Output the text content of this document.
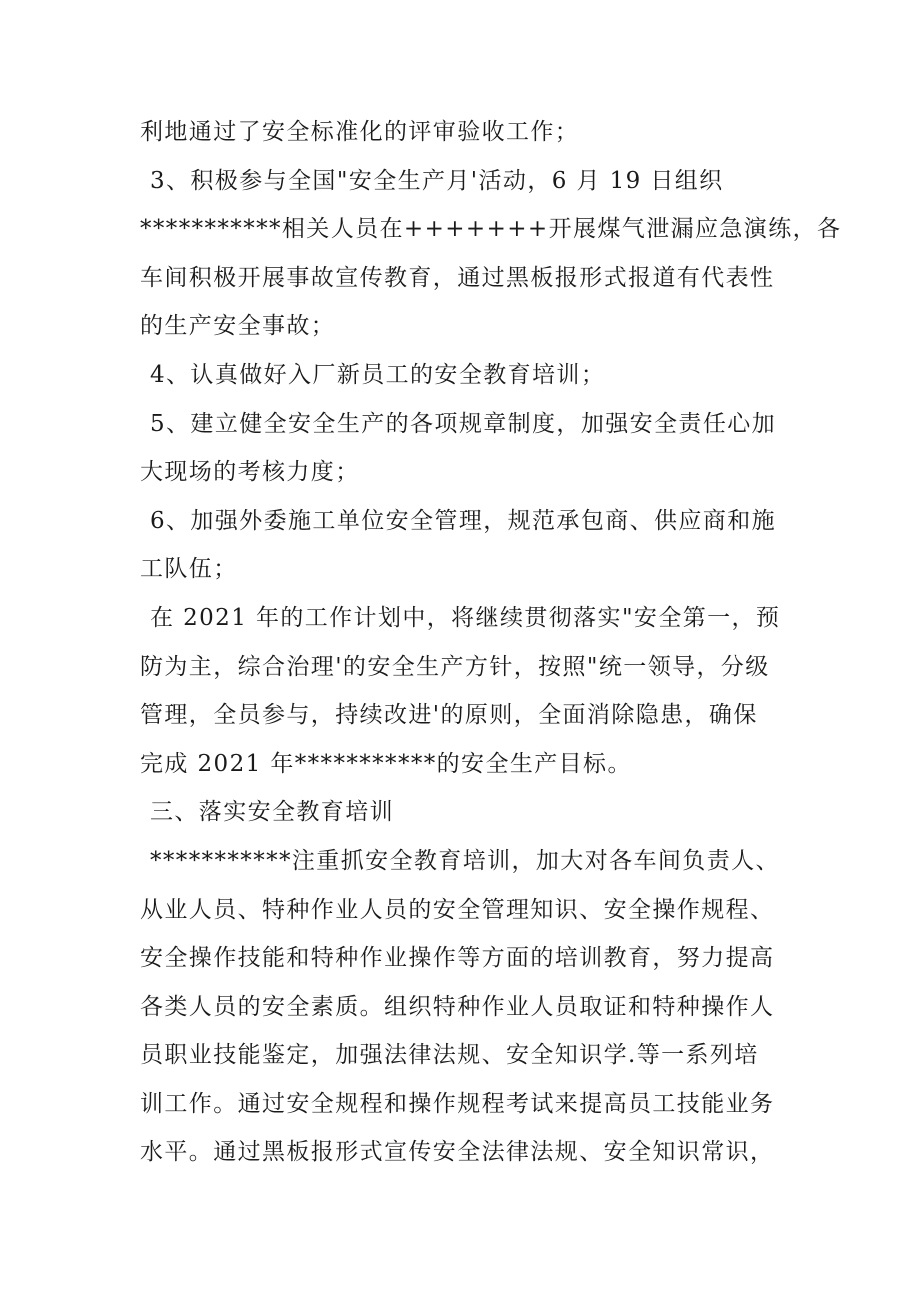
利地通过了安全标准化的评审验收工作；
3、积极参与全国"安全生产月'活动，6 月 19 日组织
***********相关人员在+++++++开展煤气泄漏应急演练，各
车间积极开展事故宣传教育，通过黑板报形式报道有代表性
的生产安全事故；
4、认真做好入厂新员工的安全教育培训；
5、建立健全安全生产的各项规章制度，加强安全责任心加
大现场的考核力度；
6、加强外委施工单位安全管理，规范承包商、供应商和施
工队伍；
在 2021 年的工作计划中，将继续贯彻落实"安全第一，预
防为主，综合治理'的安全生产方针，按照"统一领导，分级
管理，全员参与，持续改进'的原则，全面消除隐患，确保
完成 2021 年***********的安全生产目标。
三、落实安全教育培训
***********注重抓安全教育培训，加大对各车间负责人、
从业人员、特种作业人员的安全管理知识、安全操作规程、
安全操作技能和特种作业操作等方面的培训教育，努力提高
各类人员的安全素质。组织特种作业人员取证和特种操作人
员职业技能鉴定，加强法律法规、安全知识学.等一系列培
训工作。通过安全规程和操作规程考试来提高员工技能业务
水平。通过黑板报形式宣传安全法律法规、安全知识常识，
